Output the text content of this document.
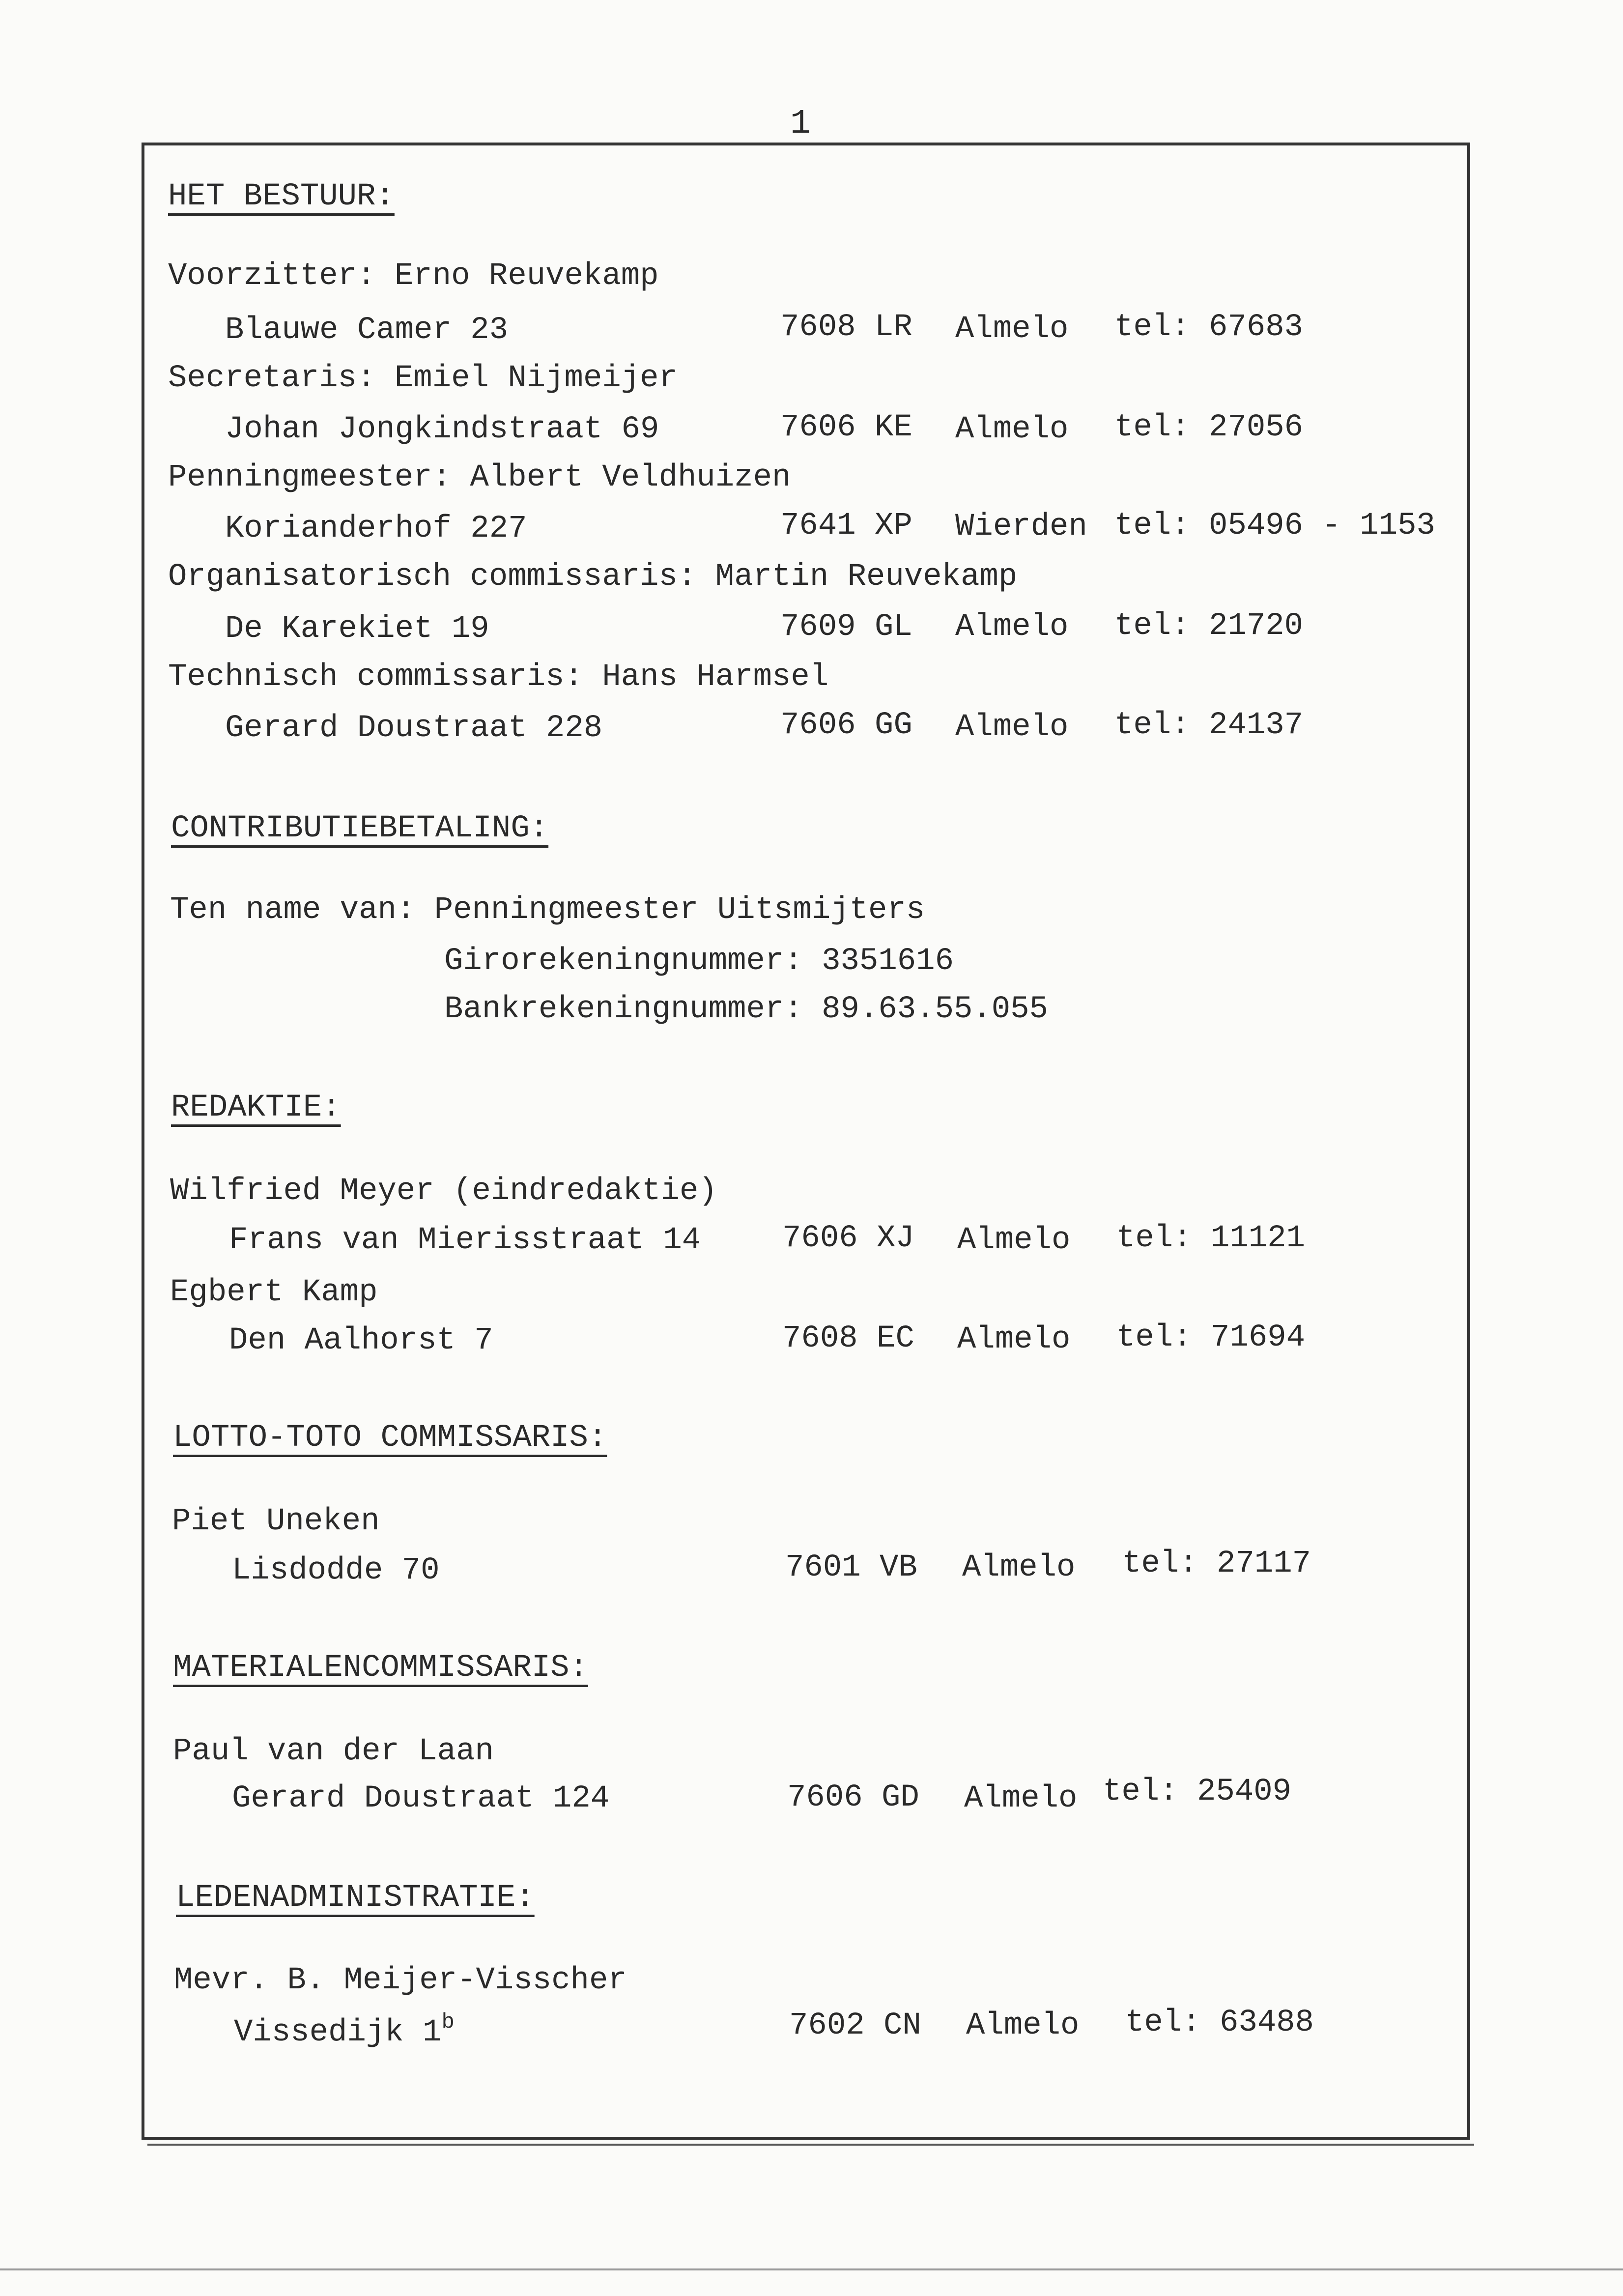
1
HET BESTUUR:
Voorzitter: Erno Reuvekamp
Blauwe Camer 23	7608 LR Almelo tel: 67683
Secretaris: Emiel Nijmeijer
Johan Jongkindstraat 69	7606 KE Almelo tel: 27056
Penningmeester: Albert Veldhuizen
Korianderhof 227	7641 XP Wierden tel: 05496 - 1153
Organisatorisch commissaris: Martin Reuvekamp
De Karekiet 19	7609 GL Almelo tel: 21720
Technisch commissaris: Hans Harmsel
Gerard Doustraat 228	7606 GG Almelo tel: 24137
CONTRIBUTIEBETALING:
Ten name van: Penningmeester Uitsmijters
Girorekeningnummer: 3351616
Bankrekeningnummer: 89.63.55.055
REDAKTIE:
Wilfried Meyer (eindredaktie)
Frans van Mierisstraat 14	7606 XJ Almelo tel: 11121
Egbert Kamp
Den Aalhorst 7	7608 EC Almelo tel: 71694
LOTTO-TOTO COMMISSARIS:
Piet Uneken
Lisdodde 70	7601 VB Almelo tel: 27117
MATERIALENCOMMISSARIS:
Paul van der Laan
Gerard Doustraat 124	7606 GD Almelo tel: 25409
LEDENADMINISTRATIE:
Mevr. B. Meijer-Visscher
Vissedijk 1$^b$	7602 CN Almelo tel: 63488
